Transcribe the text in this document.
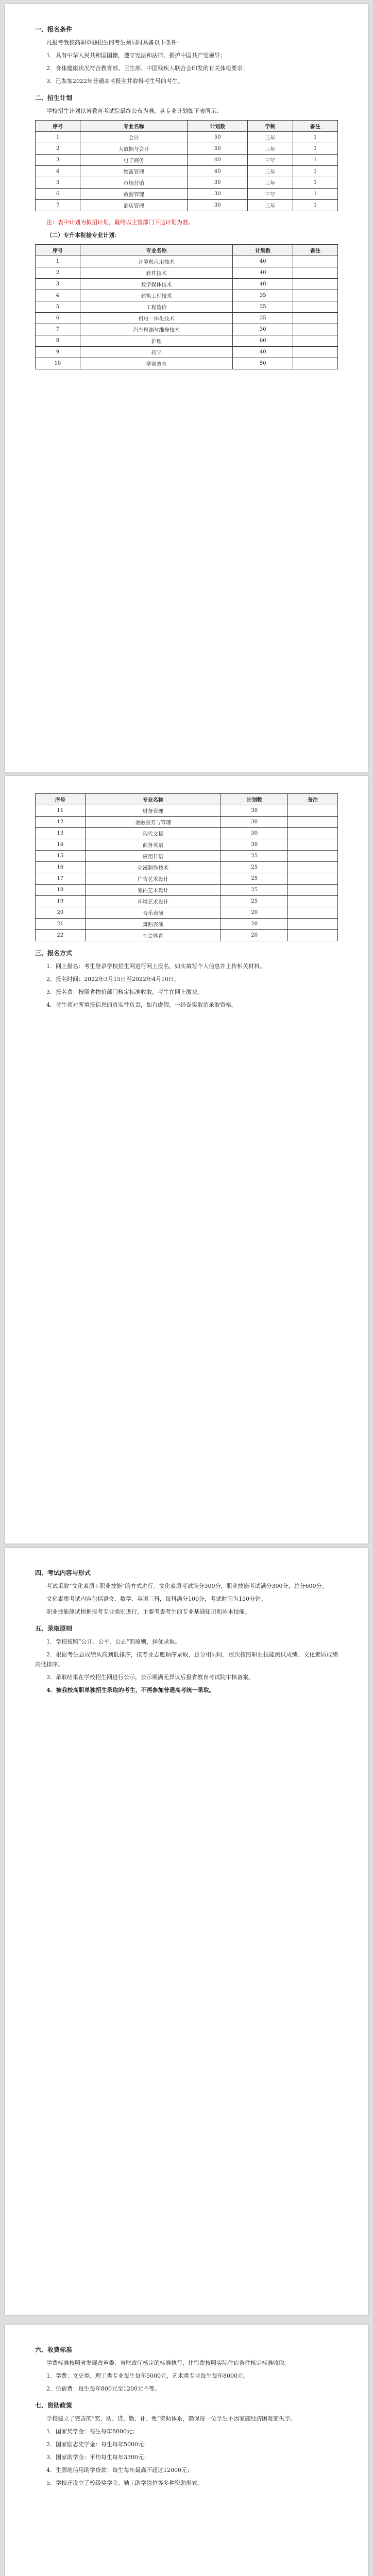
一、报名条件

凡报考我校高职单独招生的考生须同时具备以下条件：

1．具有中华人民共和国国籍，遵守宪法和法律，拥护中国共产党领导；

2．身体健康状况符合教育部、卫生部、中国残疾人联合会印发的有关体检要求；

3．已参加2022年普通高考报名并取得考生号的考生。

二、招生计划

学校招生计划以省教育考试院最终公布为准，各专业计划如下表所示：

序号	专业名称	计划数	学制	备注
1	会计	50	三年	1
2	大数据与会计	50	三年	1
3	电子商务	40	三年	1
4	物流管理	40	三年	1
5	市场营销	30	三年	1
6	旅游管理	30	三年	1
7	酒店管理	30	三年	1

注：表中计划为拟招计划，最终以主管部门下达计划为准。

（二）专升本衔接专业计划：

序号	专业名称	计划数	备注
1	计算机应用技术	40	
2	软件技术	40	
3	数字媒体技术	40	
4	建筑工程技术	35	
5	工程造价	35	
6	机电一体化技术	35	
7	汽车检测与维修技术	30	
8	护理	60	
9	药学	40	
10	学前教育	50	
序号	专业名称	计划数	备注
11	财务管理	30	
12	金融服务与管理	30	
13	现代文秘	30	
14	商务英语	30	
15	应用日语	25	
16	动漫制作技术	25	
17	广告艺术设计	25	
18	室内艺术设计	25	
19	环境艺术设计	25	
20	音乐表演	20	
21	舞蹈表演	20	
22	社会体育	20	
三、报名方式

1．网上报名：考生登录学校招生网进行网上报名，如实填写个人信息并上传相关材料。

2．报名时间：2022年3月15日至2022年4月10日。

3．报名费：按照省物价部门核定标准收取，考生在网上缴费。

4．考生须对所填报信息的真实性负责，如有虚假，一经查实取消录取资格。

四、考试内容与形式

考试采取“文化素质+职业技能”的方式进行。文化素质考试满分300分，职业技能考试满分300分，总分600分。

文化素质考试内容包括语文、数学、英语三科，每科满分100分，考试时间为150分钟。

职业技能测试根据报考专业类别进行，主要考查考生的专业基础知识和基本技能。

五、录取原则

1．学校按照“公开、公平、公正”的原则，择优录取。

2．根据考生总成绩从高到低排序，按专业志愿顺序录取，总分相同时，依次按照职业技能测试成绩、文化素质成绩高低排序。

3．录取结果在学校招生网进行公示，公示期满无异议后报省教育考试院审核备案。

4．被我校高职单独招生录取的考生，不再参加普通高考统一录取。

六、收费标准

学费标准按照省发展改革委、省财政厅核定的标准执行，住宿费按照实际住宿条件核定标准收取。

1．学费：文史类、理工类专业每生每年5000元，艺术类专业每生每年8000元。

2．住宿费：每生每年800元至1200元不等。

七、资助政策

学校建立了完善的“奖、助、贷、勤、补、免”资助体系，确保每一位学生不因家庭经济困难而失学。

1．国家奖学金：每生每年8000元；

2．国家励志奖学金：每生每年5000元；

3．国家助学金：平均每生每年3300元；

4．生源地信用助学贷款：每生每年最高不超过12000元；

5．学校还设立了校级奖学金、勤工助学岗位等多种资助形式。
